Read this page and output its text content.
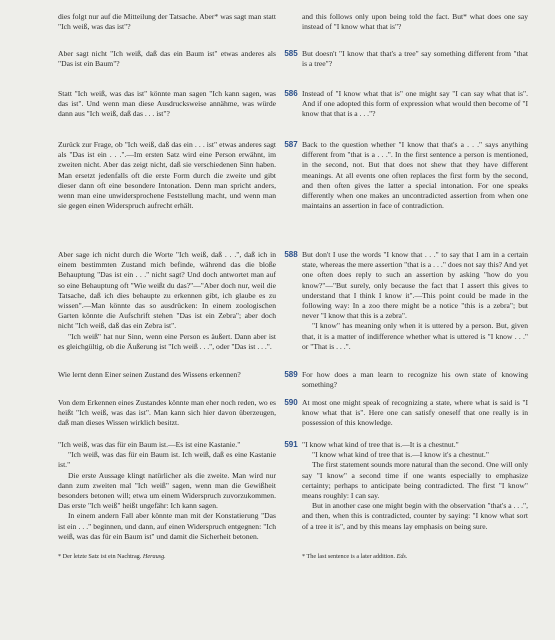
dies folgt nur auf die Mitteilung der Tatsache. Aber* was sagt man statt "Ich weiß, was das ist"?

and this follows only upon being told the fact. But* what does one say instead of "I know what that is"?

Aber sagt nicht "Ich weiß, daß das ein Baum ist" etwas anderes als "Das ist ein Baum"?

585 But doesn't "I know that that's a tree" say something different from "that is a tree"?

Statt "Ich weiß, was das ist" könnte man sagen "Ich kann sagen, was das ist". Und wenn man diese Ausdrucksweise annähme, was würde dann aus "Ich weiß, daß das . . . ist"?

586 Instead of "I know what that is" one might say "I can say what that is". And if one adopted this form of expression what would then become of "I know that that is a . . ."?

Zurück zur Frage, ob "Ich weiß, daß das ein . . . ist" etwas anderes sagt als "Das ist ein . . .".—Im ersten Satz wird eine Person erwähnt, im zweiten nicht. Aber das zeigt nicht, daß sie verschiedenen Sinn haben. Man ersetzt jedenfalls oft die erste Form durch die zweite und gibt dieser dann oft eine besondere Intonation. Denn man spricht anders, wenn man eine unwidersprochene Feststellung macht, und wenn man sie gegen einen Widerspruch aufrecht erhält.

587 Back to the question whether "I know that that's a . . ." says anything different from "that is a . . .". In the first sentence a person is mentioned, in the second, not. But that does not shew that they have different meanings. At all events one often replaces the first form by the second, and then often gives the latter a special intonation. For one speaks differently when one makes an uncontradicted assertion from when one maintains an assertion in face of contradiction.

Aber sage ich nicht durch die Worte "Ich weiß, daß . . .", daß ich in einem bestimmten Zustand mich befinde, während das die bloße Behauptung "Das ist ein . . ." nicht sagt? Und doch antwortet man auf so eine Behauptung oft "Wie weißt du das?"—"Aber doch nur, weil die Tatsache, daß ich dies behaupte zu erkennen gibt, ich glaube es zu wissen".—Man könnte das so ausdrücken: In einem zoologischen Garten könnte die Aufschrift stehen "Das ist ein Zebra"; aber doch nicht "Ich weiß, daß das ein Zebra ist".

"Ich weiß" hat nur Sinn, wenn eine Person es äußert. Dann aber ist es gleichgültig, ob die Äußerung ist "Ich weiß . . .", oder "Das ist . . .".

588 But don't I use the words "I know that . . ." to say that I am in a certain state, whereas the mere assertion "that is a . . ." does not say this? And yet one often does reply to such an assertion by asking "how do you know?"—"But surely, only because the fact that I assert this gives to understand that I think I know it".—This point could be made in the following way: In a zoo there might be a notice "this is a zebra"; but never "I know that this is a zebra".

"I know" has meaning only when it is uttered by a person. But, given that, it is a matter of indifference whether what is uttered is "I know . . ." or "That is . . .".

Wie lernt denn Einer seinen Zustand des Wissens erkennen?	589 For how does a man learn to recognize his own state of knowing something?

Von dem Erkennen eines Zustandes könnte man eher noch reden, wo es heißt "Ich weiß, was das ist". Man kann sich hier davon überzeugen, daß man dieses Wissen wirklich besitzt.

590 At most one might speak of recognizing a state, where what is said is "I know what that is". Here one can satisfy oneself that one really is in possession of this knowledge.

"Ich weiß, was das für ein Baum ist.—Es ist eine Kastanie."

"Ich weiß, was das für ein Baum ist. Ich weiß, daß es eine Kastanie ist."

Die erste Aussage klingt natürlicher als die zweite. Man wird nur dann zum zweiten mal "Ich weiß" sagen, wenn man die Gewißheit besonders betonen will; etwa um einem Widerspruch zuvorzukommen. Das erste "Ich weiß" heißt ungefähr: Ich kann sagen.

In einem andern Fall aber könnte man mit der Konstatierung "Das ist ein . . ." beginnen, und dann, auf einen Widerspruch entgegnen: "Ich weiß, was das für ein Baum ist" und damit die Sicherheit betonen.

591 "I know what kind of tree that is.—It is a chestnut."

"I know what kind of tree that is.—I know it's a chestnut."

The first statement sounds more natural than the second. One will only say "I know" a second time if one wants especially to emphasize certainty; perhaps to anticipate being contradicted. The first "I know" means roughly: I can say.

But in another case one might begin with the observation "that's a . . .", and then, when this is contradicted, counter by saying: "I know what sort of a tree it is", and by this means lay emphasis on being sure.

* Der letzte Satz ist ein Nachtrag. Herausg.	* The last sentence is a later addition. Eds.
